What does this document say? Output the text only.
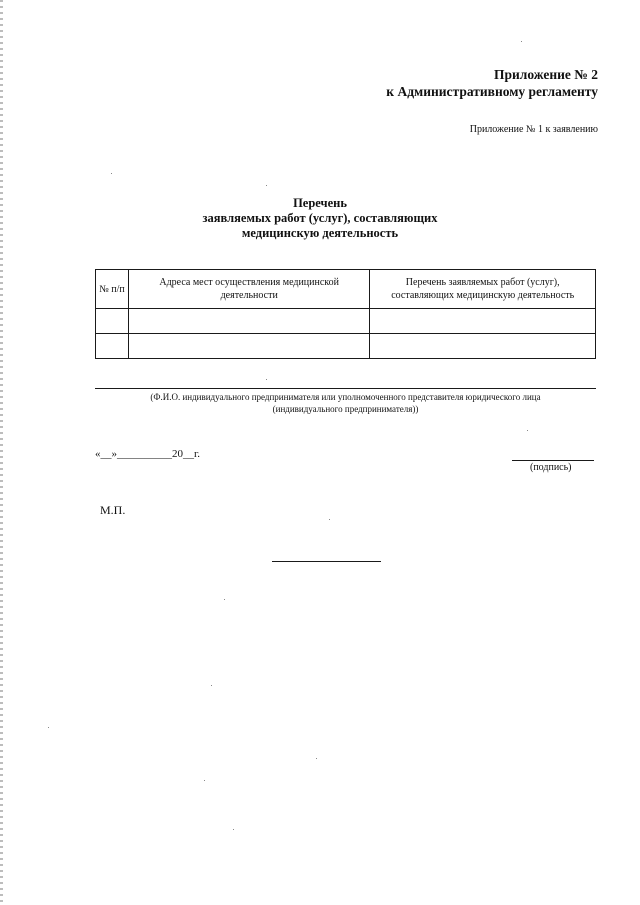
Приложение № 2
к Административному регламенту
Приложение № 1 к заявлению
Перечень
заявляемых работ (услуг), составляющих
медицинскую деятельность
№ п/п	Адреса мест осуществления медицинской деятельности	Перечень заявляемых работ (услуг), составляющих медицинскую деятельность

(Ф.И.О. индивидуального предпринимателя или уполномоченного представителя юридического лица
(индивидуального предпринимателя))
«__»__________20__г.
(подпись)
М.П.
